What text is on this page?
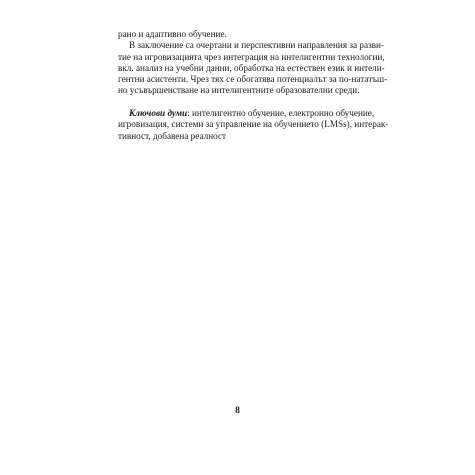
рано и адаптивно обучение.
В заключение са очертани и перспективни направления за разви-
тие на игровизацията чрез интеграция на интелигентни технологии,
вкл. анализ на учебни данни, обработка на естествен език и интели-
гентни асистенти. Чрез тях се обогатява потенциалът за по-нататъш-
но усъвършенстване на интелигентните образователни среди.
Ключови думи: интелигентно обучение, електронно обучение,
игровизация, системи за управление на обучението (LMSs), интерак-
тивност, добавена реалност
8
